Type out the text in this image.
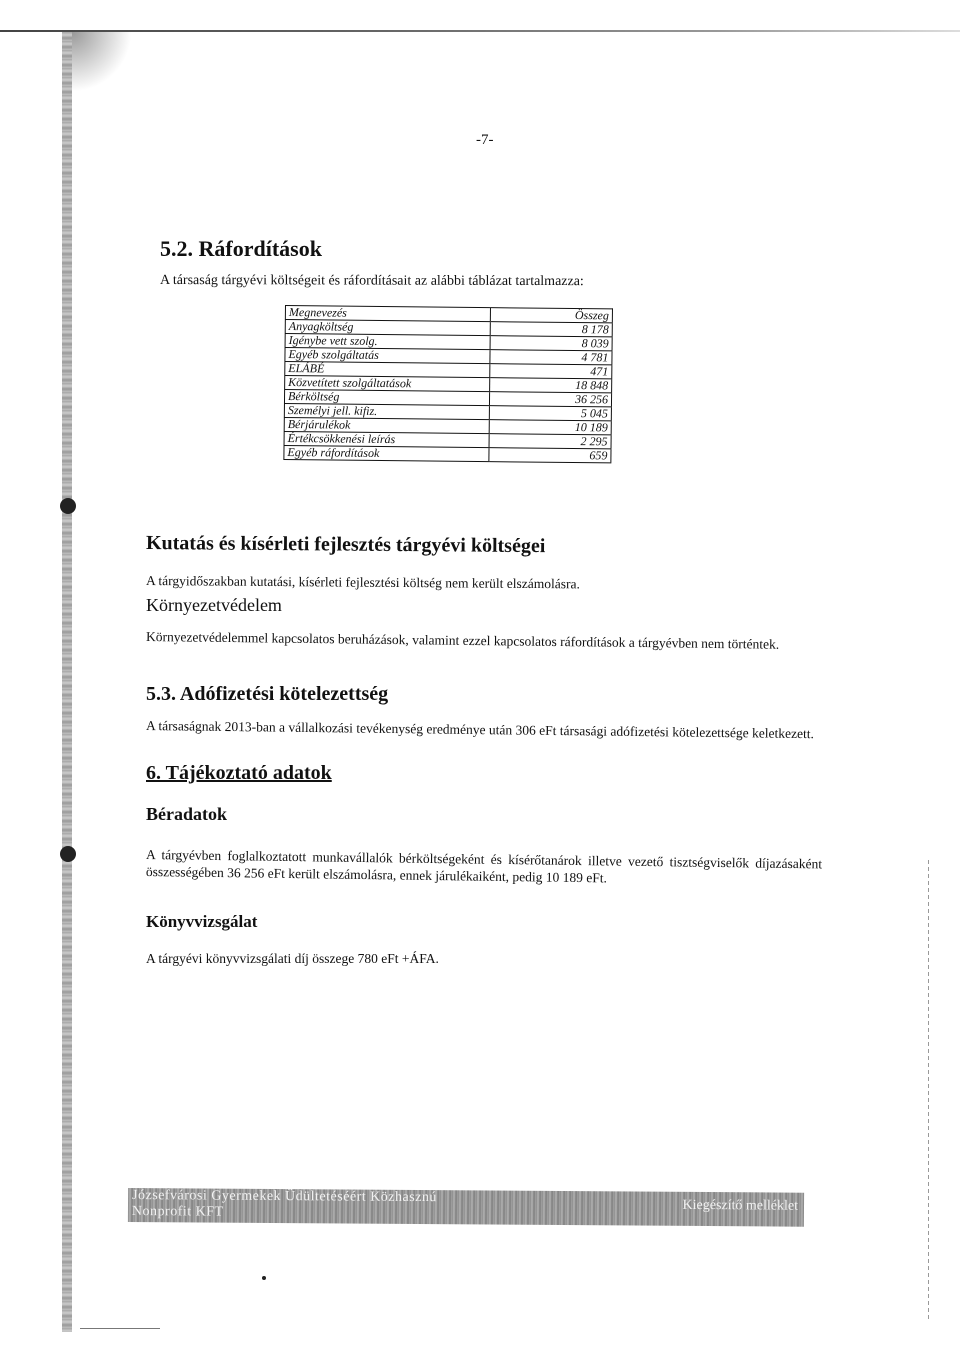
-7-
5.2. Ráfordítások
A társaság tárgyévi költségeit és ráfordításait az alábbi táblázat tartalmazza:
Megnevezés	Összeg
Anyagköltség	8 178
Igénybe vett szolg.	8 039
Egyéb szolgáltatás	4 781
ELÁBÉ	471
Közvetített szolgáltatások	18 848
Bérköltség	36 256
Személyi jell. kifiz.	5 045
Bérjárulékok	10 189
Értékcsökkenési leírás	2 295
Egyéb ráfordítások	659
Kutatás és kísérleti fejlesztés tárgyévi költségei
A tárgyidőszakban kutatási, kísérleti fejlesztési költség nem került elszámolásra.
Környezetvédelem
Környezetvédelemmel kapcsolatos beruházások, valamint ezzel kapcsolatos ráfordítások a tárgyévben nem történtek.
5.3. Adófizetési kötelezettség
A társaságnak 2013-ban a vállalkozási tevékenység eredménye után 306 eFt társasági adófizetési kötelezettsége keletkezett.
6. Tájékoztató adatok
Béradatok
A tárgyévben foglalkoztatott munkavállalók bérköltségeként és kísérőtanárok illetve vezető tisztségviselők díjazásaként összességében 36 256 eFt került elszámolásra, ennek járulékaiként, pedig 10 189 eFt.
Könyvvizsgálat
A tárgyévi könyvvizsgálati díj összege 780 eFt +ÁFA.
Józsefvárosi Gyermekek Üdültetéséért Közhasznú
Nonprofit KFT	Kiegészítő melléklet
